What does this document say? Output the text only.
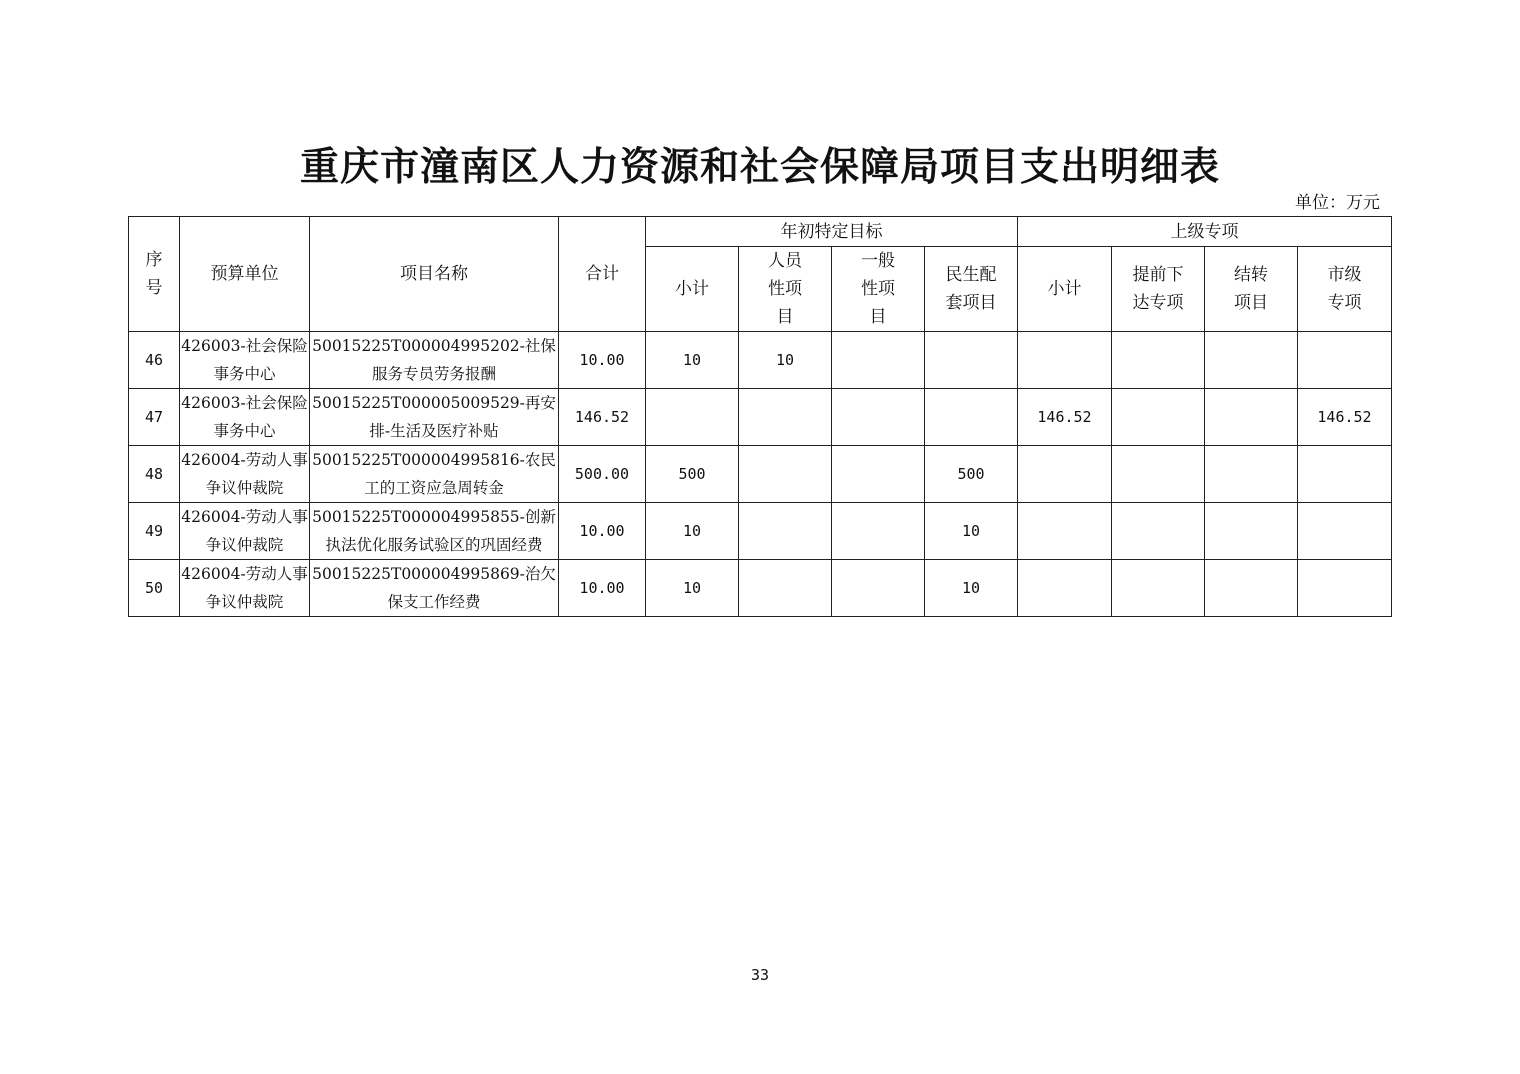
重庆市潼南区人力资源和社会保障局项目支出明细表
单位：万元
序号	预算单位	项目名称	合计	年初特定目标				上级专项			
				小计	人员性项目	一般性项目	民生配套项目	小计	提前下达专项	结转项目	市级专项
46	426003-社会保险事务中心	50015225T000004995202-社保服务专员劳务报酬	10.00	10	10						
47	426003-社会保险事务中心	50015225T000005009529-再安排-生活及医疗补贴	146.52					146.52			146.52
48	426004-劳动人事争议仲裁院	50015225T000004995816-农民工的工资应急周转金	500.00	500			500				
49	426004-劳动人事争议仲裁院	50015225T000004995855-创新执法优化服务试验区的巩固经费	10.00	10			10				
50	426004-劳动人事争议仲裁院	50015225T000004995869-治欠保支工作经费	10.00	10			10				
33
